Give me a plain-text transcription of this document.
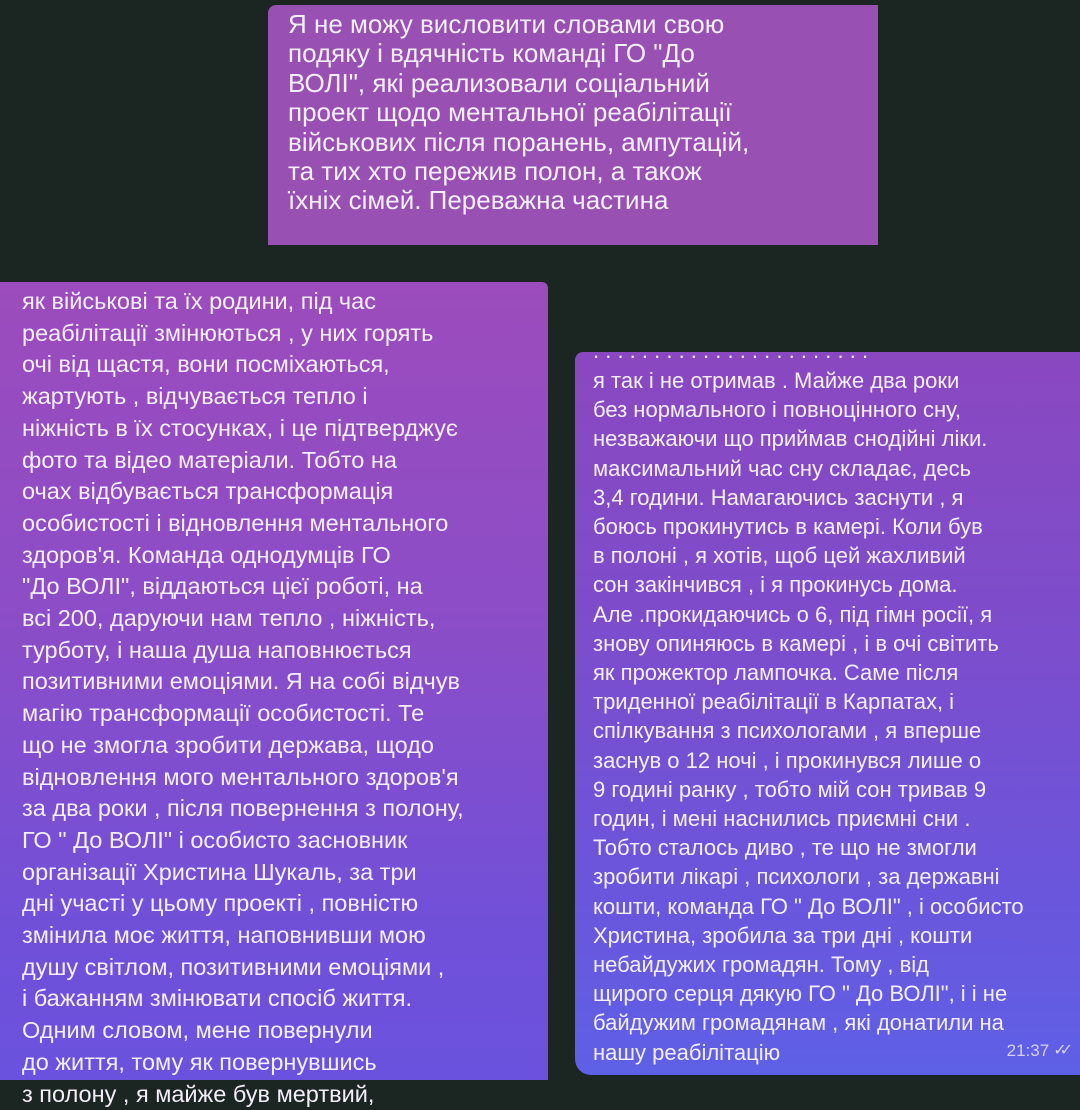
Я не можу висловити словами свою
подяку і вдячність команді ГО "До
ВОЛІ", які реализовали соціальний
проект щодо ментальної реабілітації
військових після поранень, ампутацій,
та тих хто пережив полон, а також
їхніх сімей. Переважна частина
як військові та їх родини, під час
реабілітації змінюються , у них горять
очі від щастя, вони посміхаються,
жартують , відчувається тепло і
ніжність в їх стосунках, і це підтверджує
фото та відео матеріали. Тобто на
очах відбувається трансформація
особистості і відновлення ментального
здоров'я. Команда однодумців ГО
"До ВОЛІ", віддаються цієї роботі, на
всі 200, даруючи нам тепло , ніжність,
турботу, і наша душа наповнюється
позитивними емоціями. Я на собі відчув
магію трансформації особистості. Те
що не змогла зробити держава, щодо
відновлення мого ментального здоров'я
за два роки , після повернення з полону,
ГО " До ВОЛІ" і особисто засновник
організації Христина Шукаль, за три
дні участі у цьому проекті , повністю
змінила моє життя, наповнивши мою
душу світлом, позитивними емоціями ,
і бажанням змінювати спосіб життя.
Одним словом, мене повернули
до життя, тому як повернувшись
з полону , я майже був мертвий,
. . . . . . . . . . . . . . . . . . . . . . .
я так і не отримав . Майже два роки
без нормального і повноцінного сну,
незважаючи що приймав снодійні ліки.
максимальний час сну складає, десь
3,4 години. Намагаючись заснути , я
боюсь прокинутись в камері. Коли був
в полоні , я хотів, щоб цей жахливий
сон закінчився , і я прокинусь дома.
Але .прокидаючись о 6, під гімн росії, я
знову опиняюсь в камері , і в очі світить
як прожектор лампочка. Саме після
триденної реабілітації в Карпатах, і
спілкування з психологами , я вперше
заснув о 12 ночі , і прокинувся лише о
9 годині ранку , тобто мій сон тривав 9
годин, і мені наснились приємні сни .
Тобто сталось диво , те що не змогли
зробити лікарі , психологи , за державні
кошти, команда ГО " До ВОЛІ" , і особисто
Христина, зробила за три дні , кошти
небайдужих громадян. Тому , від
щирого серця дякую ГО " До ВОЛІ", і і не
байдужим громадянам , які донатили на
нашу реабілітацію	21:37 ✓✓
